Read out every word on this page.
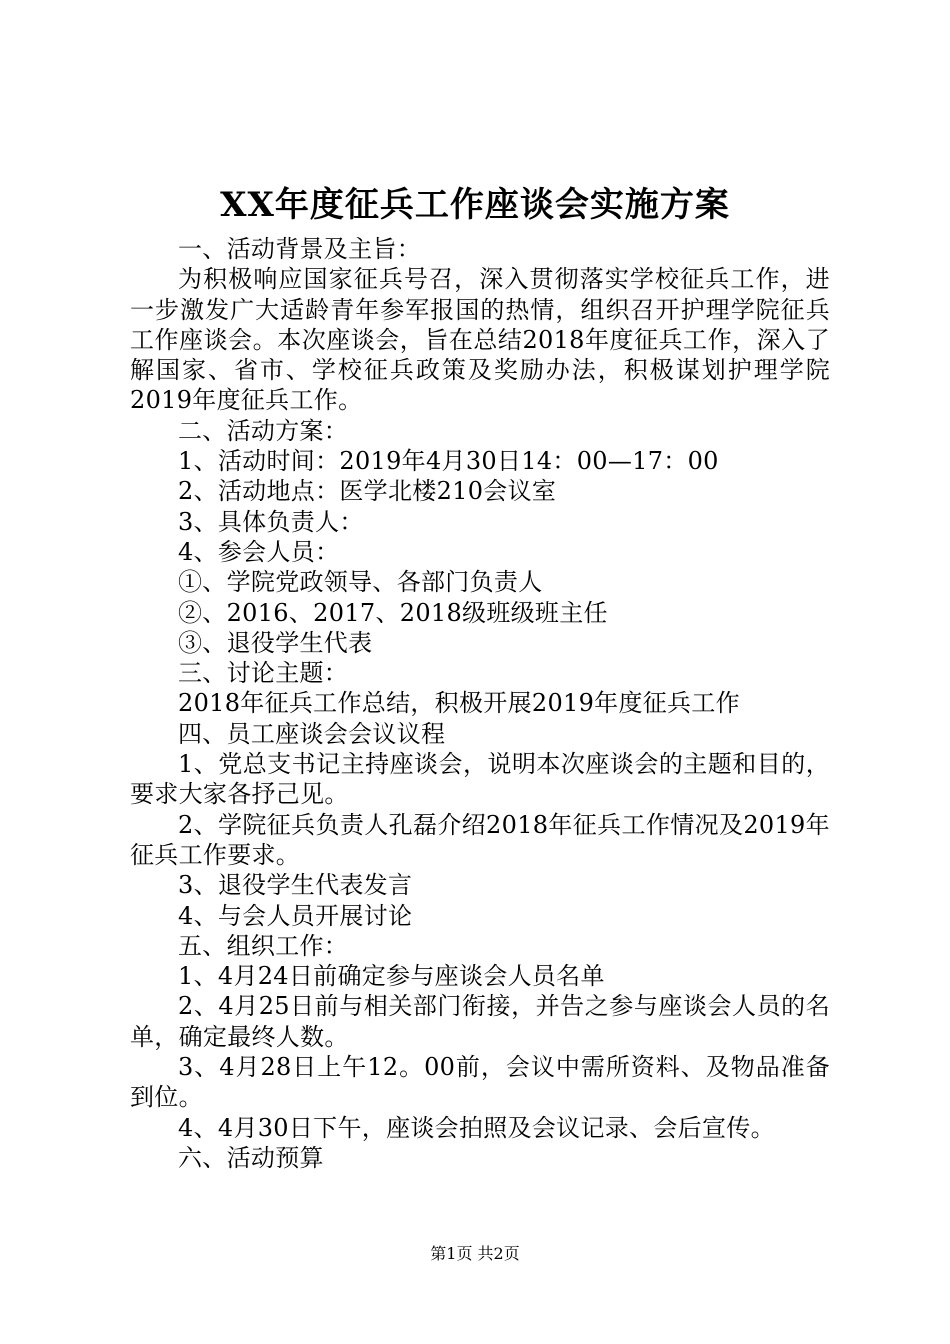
XX年度征兵工作座谈会实施方案

一、活动背景及主旨：

为积极响应国家征兵号召，深入贯彻落实学校征兵工作，进一步激发广大适龄青年参军报国的热情，组织召开护理学院征兵工作座谈会。本次座谈会，旨在总结2018年度征兵工作，深入了解国家、省市、学校征兵政策及奖励办法，积极谋划护理学院2019年度征兵工作。

二、活动方案：

1、活动时间：2019年4月30日14：00—17：00

2、活动地点：医学北楼210会议室

3、具体负责人：

4、参会人员：

①、学院党政领导、各部门负责人

②、2016、2017、2018级班级班主任

③、退役学生代表

三、讨论主题：

2018年征兵工作总结，积极开展2019年度征兵工作

四、员工座谈会会议议程

1、党总支书记主持座谈会，说明本次座谈会的主题和目的，要求大家各抒己见。

2、学院征兵负责人孔磊介绍2018年征兵工作情况及2019年征兵工作要求。

3、退役学生代表发言

4、与会人员开展讨论

五、组织工作：

1、4月24日前确定参与座谈会人员名单

2、4月25日前与相关部门衔接，并告之参与座谈会人员的名单，确定最终人数。

3、4月28日上午12。00前，会议中需所资料、及物品准备到位。

4、4月30日下午，座谈会拍照及会议记录、会后宣传。

六、活动预算

第1页 共2页
